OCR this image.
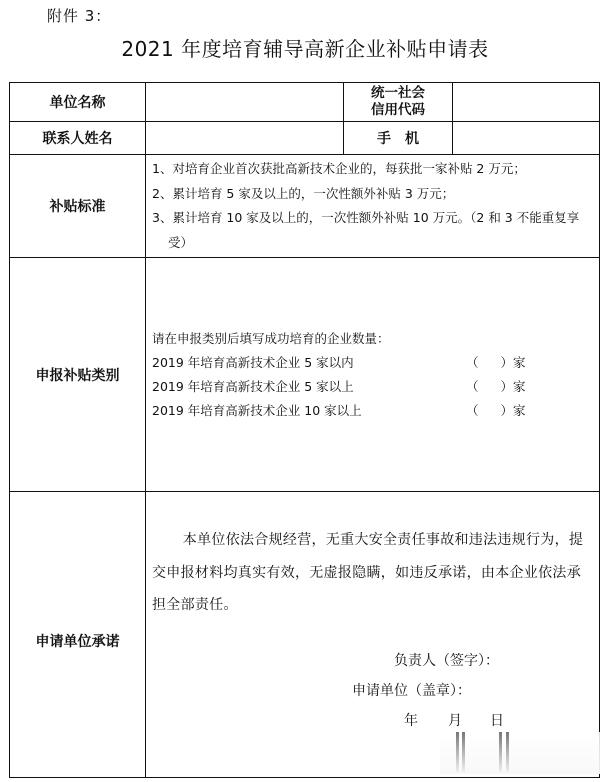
附件 3：
2021 年度培育辅导高新企业补贴申请表
单位名称		统一社会
信用代码	

联系人姓名		手　机	
补贴标准	
1、对培育企业首次获批高新技术企业的，每获批一家补贴 2 万元；
2、累计培育 5 家及以上的，一次性额外补贴 3 万元；
3、累计培育 10 家及以上的，一次性额外补贴 10 万元。（2 和 3 不能重复享受）

申报补贴类别	
请在申报类别后填写成功培育的企业数量：
2019 年培育高新技术企业 5 家以内	（ ）家
2019 年培育高新技术企业 5 家以上	（ ）家
2019 年培育高新技术企业 10 家以上	（ ）家

申请单位承诺	
本单位依法合规经营，无重大安全责任事故和违法违规行为，提交申报材料均真实有效，无虚报隐瞒，如违反承诺，由本企业依法承担全部责任。
负责人（签字）：
申请单位（盖章）：
年 月 日
